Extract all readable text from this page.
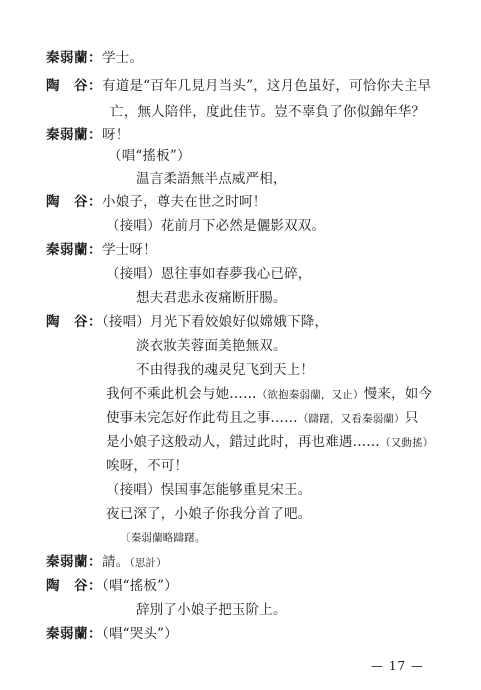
秦弱蘭：学士。
陶　谷：有道是“百年几見月当头”，这月色虽好，可恰你夫主早
亡，無人陪伴，度此佳节。豈不辜負了你似錦年华？
秦弱蘭：呀！
（唱“搖板”）
温言柔語無半点威严相，
陶　谷：小娘子，尊夫在世之时呵！
（接唱）花前月下必然是儷影双双。
秦弱蘭：学士呀！
（接唱）恩往事如春夢我心已碎，
想夫君悲永夜痛断肝腸。
陶　谷：（接唱）月光下看姣娘好似嫦娥下降，
淡衣妝芙蓉面美艳無双。
不由得我的魂灵兒飞到天上！
我何不乘此机会与她……（欲抱秦弱蘭，又止）慢来，如今
使事未完怎好作此苟且之事……（躊躇，又看秦弱蘭）只
是小娘子这般动人，錯过此时，再也难遇……（又動搖）
唉呀，不可！
（接唱）悮国事怎能够重見宋王。
夜已深了，小娘子你我分首了吧。
〔秦弱蘭略躊躇。
秦弱蘭：請。（思計）
陶　谷：（唱“搖板”）
辞別了小娘子把玉阶上。
秦弱蘭：（唱“哭头”）
— 17 —
